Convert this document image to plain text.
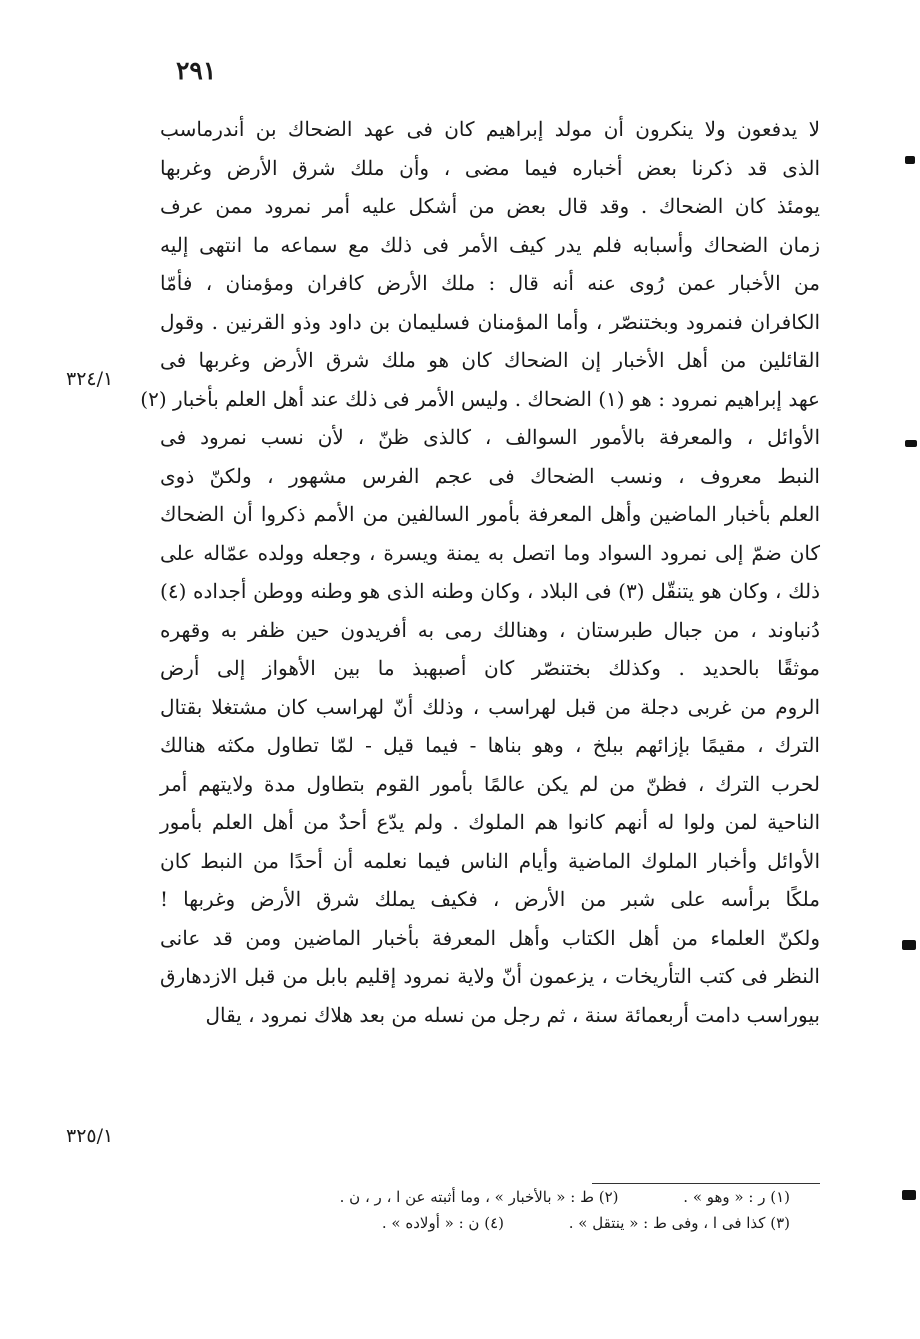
٢٩١
لا يدفعون ولا ينكرون أن مولد إبراهيم كان فى عهد الضحاك بن أندرماسب
الذى قد ذكرنا بعض أخباره فيما مضى ، وأن ملك شرق الأرض وغربها
يومئذ كان الضحاك . وقد قال بعض من أشكل عليه أمر نمرود ممن عرف
زمان الضحاك وأسبابه فلم يدر كيف الأمر فى ذلك مع سماعه ما انتهى إليه
من الأخبار عمن رُوى عنه أنه قال : ملك الأرض كافران ومؤمنان ، فأمّا
الكافران فنمرود وبختنصّر ، وأما المؤمنان فسليمان بن داود وذو القرنين . وقول
القائلين من أهل الأخبار إن الضحاك كان هو ملك شرق الأرض وغربها فى
عهد إبراهيم نمرود : هو (١) الضحاك . وليس الأمر فى ذلك عند أهل العلم بأخبار (٢)
الأوائل ، والمعرفة بالأمور السوالف ، كالذى ظنّ ، لأن نسب نمرود فى
النبط معروف ، ونسب الضحاك فى عجم الفرس مشهور ، ولكنّ ذوى
العلم بأخبار الماضين وأهل المعرفة بأمور السالفين من الأمم ذكروا أن الضحاك
كان ضمّ إلى نمرود السواد وما اتصل به يمنة ويسرة ، وجعله وولده عمّاله على
ذلك ، وكان هو يتنقّل (٣) فى البلاد ، وكان وطنه الذى هو وطنه ووطن أجداده (٤)
دُنباوند ، من جبال طبرستان ، وهنالك رمى به أفريدون حين ظفر به وقهره
موثقًا بالحديد . وكذلك بختنصّر كان أصبهبذ ما بين الأهواز إلى أرض
الروم من غربى دجلة من قبل لهراسب ، وذلك أنّ لهراسب كان مشتغلا بقتال
الترك ، مقيمًا بإزائهم ببلخ ، وهو بناها - فيما قيل - لمّا تطاول مكثه هنالك
لحرب الترك ، فظنّ من لم يكن عالمًا بأمور القوم بتطاول مدة ولايتهم أمر
الناحية لمن ولوا له أنهم كانوا هم الملوك . ولم يدّع أحدٌ من أهل العلم بأمور
الأوائل وأخبار الملوك الماضية وأيام الناس فيما نعلمه أن أحدًا من النبط كان
ملكًا برأسه على شبر من الأرض ، فكيف يملك شرق الأرض وغربها !
ولكنّ العلماء من أهل الكتاب وأهل المعرفة بأخبار الماضين ومن قد عانى
النظر فى كتب التأريخات ، يزعمون أنّ ولاية نمرود إقليم بابل من قبل الازدهارق
بيوراسب دامت أربعمائة سنة ، ثم رجل من نسله من بعد هلاك نمرود ، يقال
٣٢٤/١
٣٢٥/١
(١) ر : « وهو » . (٢) ط : « بالأخبار » ، وما أثبته عن ا ، ر ، ن .
(٣) كذا فى ا ، وفى ط : « ينتقل » . (٤) ن : « أولاده » .
